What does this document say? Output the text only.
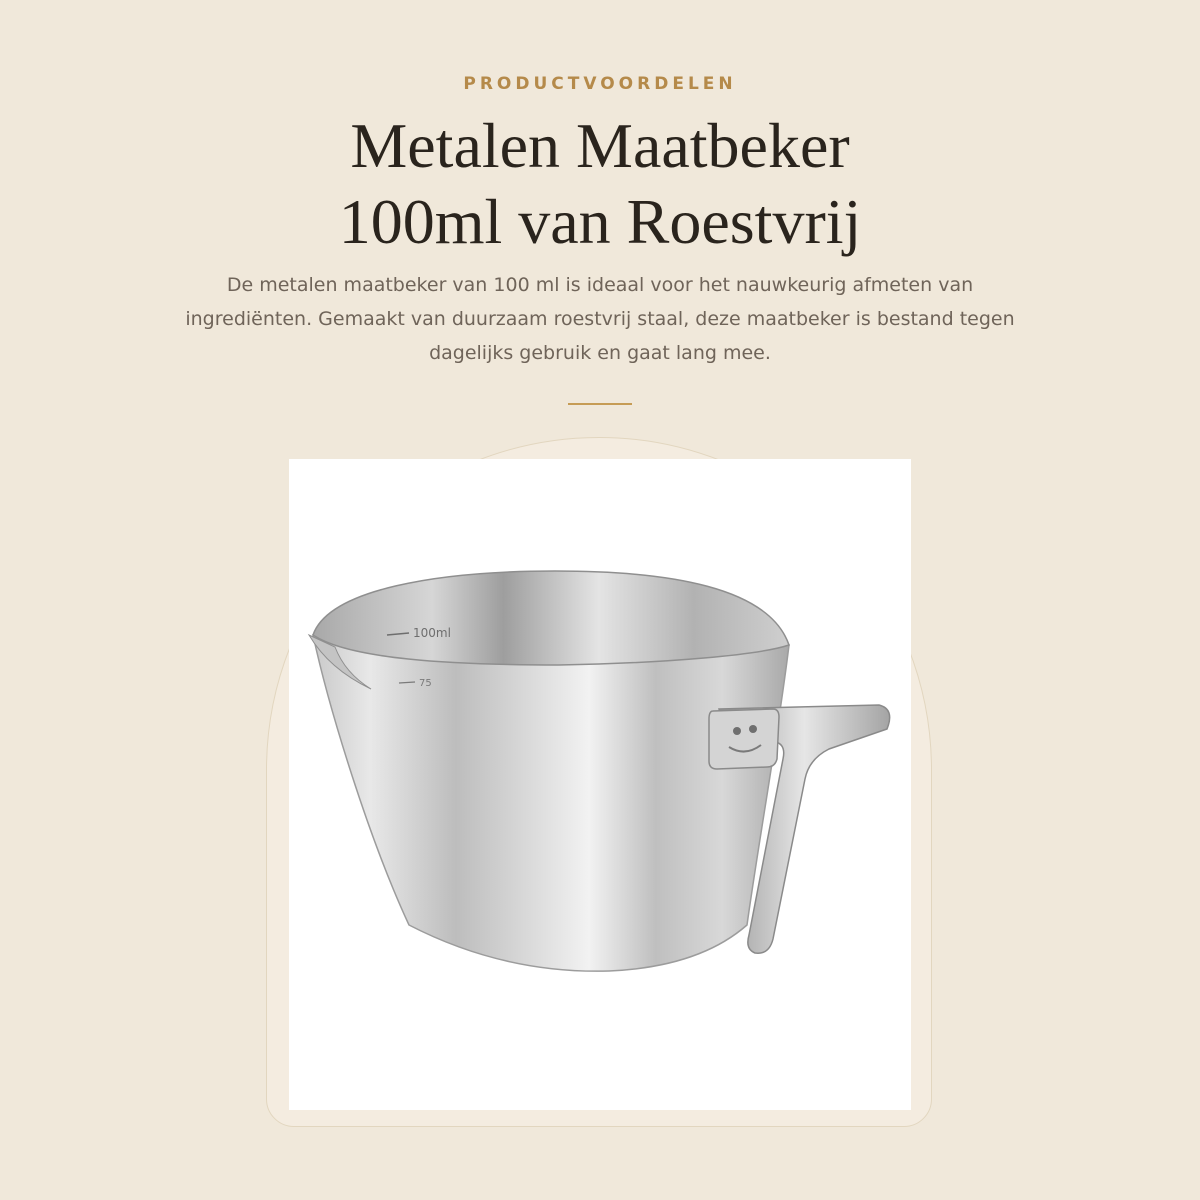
PRODUCTVOORDELEN
Metalen Maatbeker
100ml van Roestvrij

De metalen maatbeker van 100 ml is ideaal voor het nauwkeurig afmeten van ingrediënten. Gemaakt van duurzaam roestvrij staal, deze maatbeker is bestand tegen dagelijks gebruik en gaat lang mee.

100ml
75
